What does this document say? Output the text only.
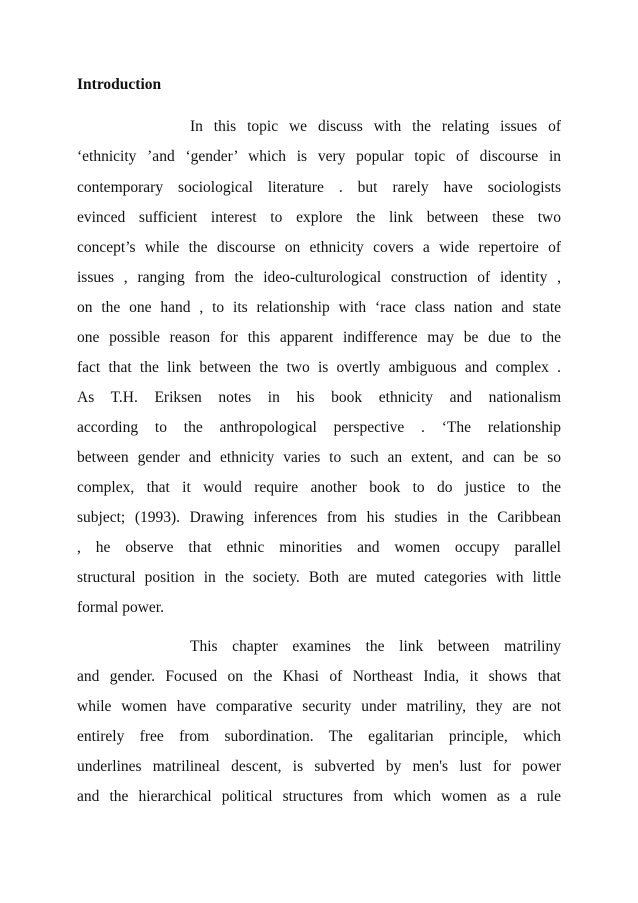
Introduction
In this topic we discuss with the relating issues of
‘ethnicity ’and ‘gender’ which is very popular topic of discourse in
contemporary sociological literature . but rarely have sociologists
evinced sufficient interest to explore the link between these two
concept’s while the discourse on ethnicity covers a wide repertoire of
issues , ranging from the ideo-culturological construction of identity ,
on the one hand , to its relationship with ‘race class nation and state
one possible reason for this apparent indifference may be due to the
fact that the link between the two is overtly ambiguous and complex .
As T.H. Eriksen notes in his book ethnicity and nationalism
according to the anthropological perspective . ‘The relationship
between gender and ethnicity varies to such an extent, and can be so
complex, that it would require another book to do justice to the
subject; (1993). Drawing inferences from his studies in the Caribbean
, he observe that ethnic minorities and women occupy parallel
structural position in the society. Both are muted categories with little
formal power.
This chapter examines the link between matriliny
and gender. Focused on the Khasi of Northeast India, it shows that
while women have comparative security under matriliny, they are not
entirely free from subordination. The egalitarian principle, which
underlines matrilineal descent, is subverted by men's lust for power
and the hierarchical political structures from which women as a rule
